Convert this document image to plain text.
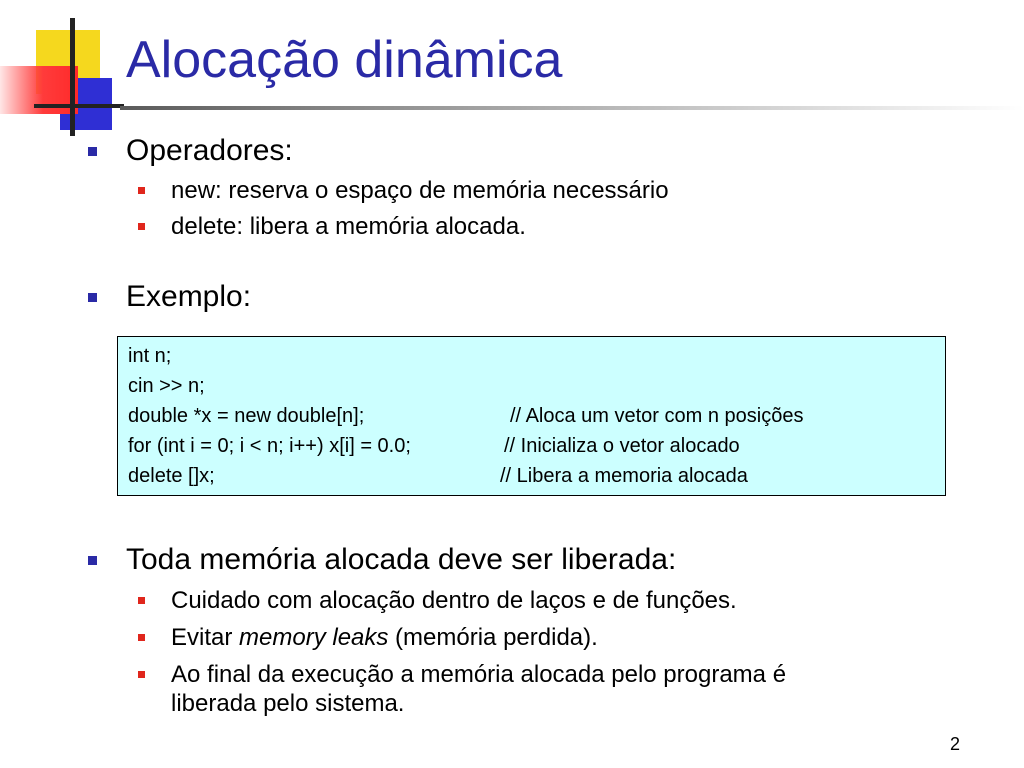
Alocação dinâmica
Operadores:
new: reserva o espaço de memória necessário
delete: libera a memória alocada.
Exemplo:
int n;
cin >> n;
double *x = new double[n];	// Aloca um vetor com n posições
for (int i = 0; i < n; i++) x[i] = 0.0;	// Inicializa o vetor alocado
delete []x;	// Libera a memoria alocada
Toda memória alocada deve ser liberada:
Cuidado com alocação dentro de laços e de funções.
Evitar memory leaks (memória perdida).
Ao final da execução a memória alocada pelo programa é
liberada pelo sistema.
2
